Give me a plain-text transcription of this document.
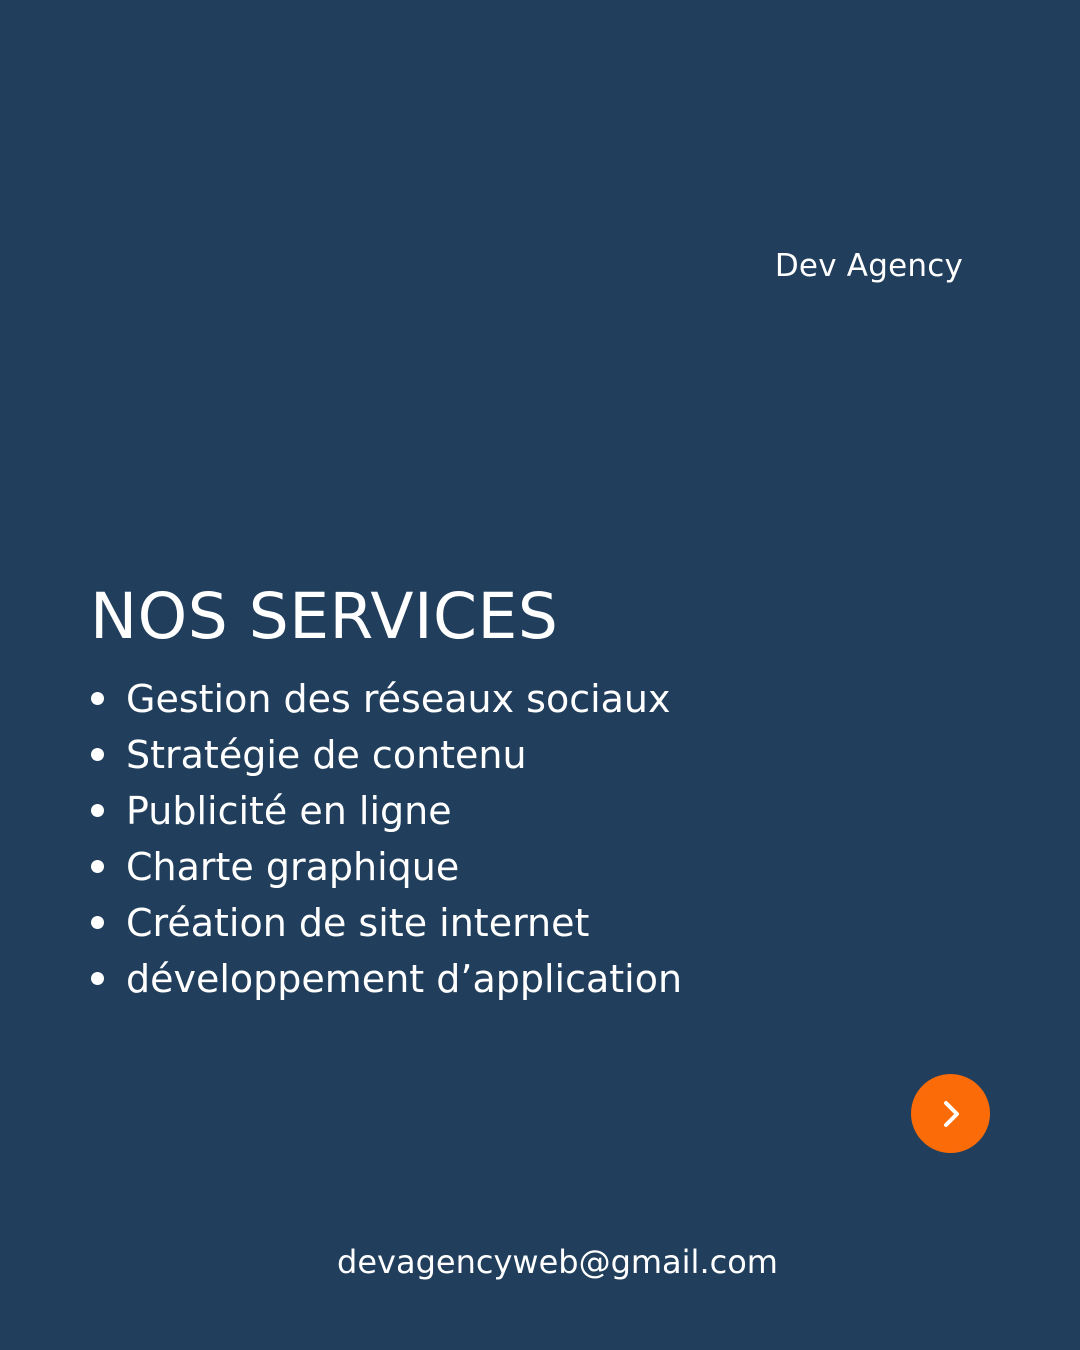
Dev Agency
NOS SERVICES
Gestion des réseaux sociaux
Stratégie de contenu
Publicité en ligne
Charte graphique
Création de site internet
développement d’application
devagencyweb@gmail.com
